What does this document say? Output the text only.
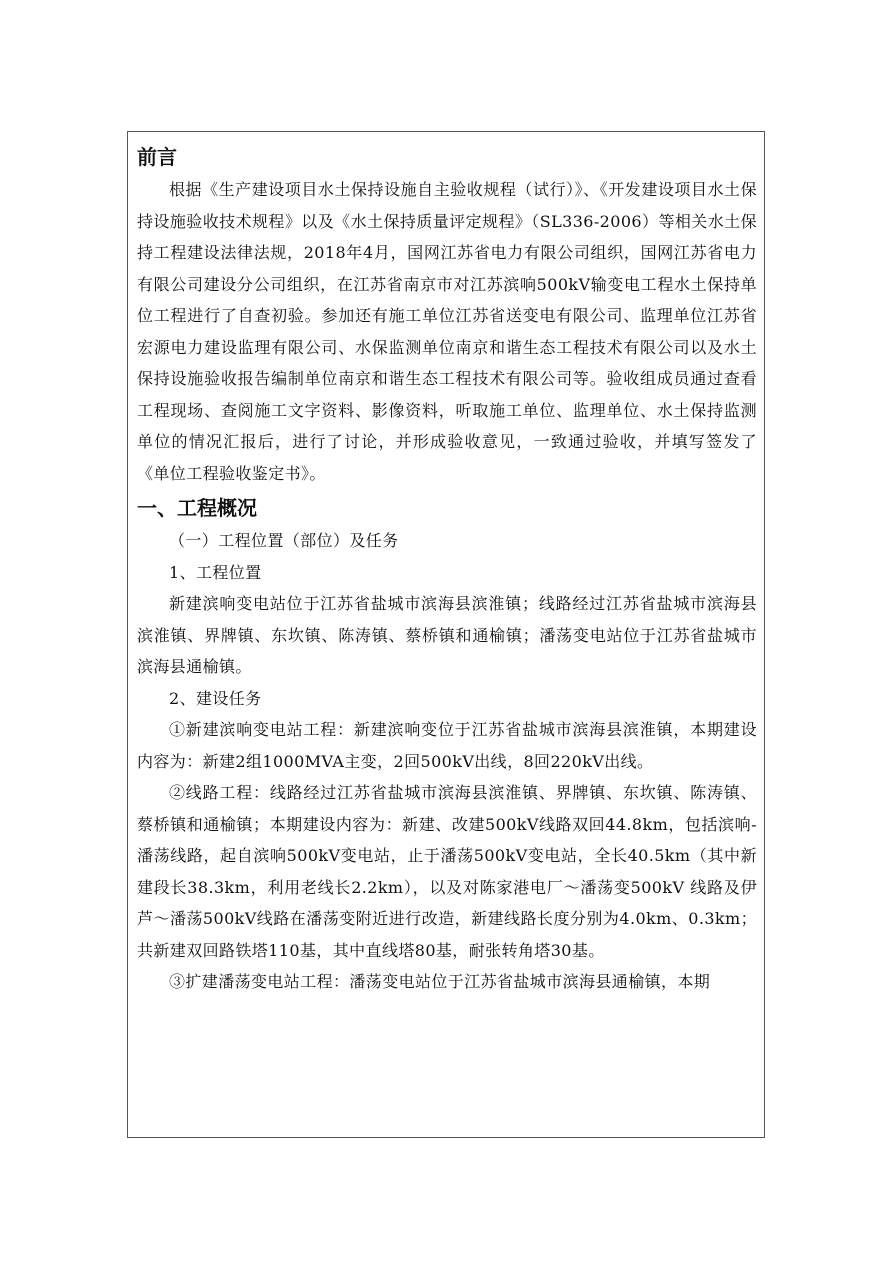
前言

根据《生产建设项目水土保持设施自主验收规程（试行）》、《开发建设项目水土保持设施验收技术规程》以及《水土保持质量评定规程》（SL336-2006）等相关水土保持工程建设法律法规，2018年4月，国网江苏省电力有限公司组织，国网江苏省电力有限公司建设分公司组织，在江苏省南京市对江苏滨响500kV输变电工程水土保持单位工程进行了自查初验。参加还有施工单位江苏省送变电有限公司、监理单位江苏省宏源电力建设监理有限公司、水保监测单位南京和谐生态工程技术有限公司以及水土保持设施验收报告编制单位南京和谐生态工程技术有限公司等。验收组成员通过查看工程现场、查阅施工文字资料、影像资料，听取施工单位、监理单位、水土保持监测单位的情况汇报后，进行了讨论，并形成验收意见，一致通过验收，并填写签发了《单位工程验收鉴定书》。

一、工程概况

（一）工程位置（部位）及任务

1、工程位置

新建滨响变电站位于江苏省盐城市滨海县滨淮镇；线路经过江苏省盐城市滨海县滨淮镇、界牌镇、东坎镇、陈涛镇、蔡桥镇和通榆镇；潘荡变电站位于江苏省盐城市滨海县通榆镇。

2、建设任务

①新建滨响变电站工程：新建滨响变位于江苏省盐城市滨海县滨淮镇，本期建设内容为：新建2组1000MVA主变，2回500kV出线，8回220kV出线。

②线路工程：线路经过江苏省盐城市滨海县滨淮镇、界牌镇、东坎镇、陈涛镇、蔡桥镇和通榆镇；本期建设内容为：新建、改建500kV线路双回44.8km，包括滨响-潘荡线路，起自滨响500kV变电站，止于潘荡500kV变电站，全长40.5km（其中新建段长38.3km，利用老线长2.2km），以及对陈家港电厂～潘荡变500kV 线路及伊芦～潘荡500kV线路在潘荡变附近进行改造，新建线路长度分别为4.0km、0.3km；共新建双回路铁塔110基，其中直线塔80基，耐张转角塔30基。

③扩建潘荡变电站工程：潘荡变电站位于江苏省盐城市滨海县通榆镇，本期
